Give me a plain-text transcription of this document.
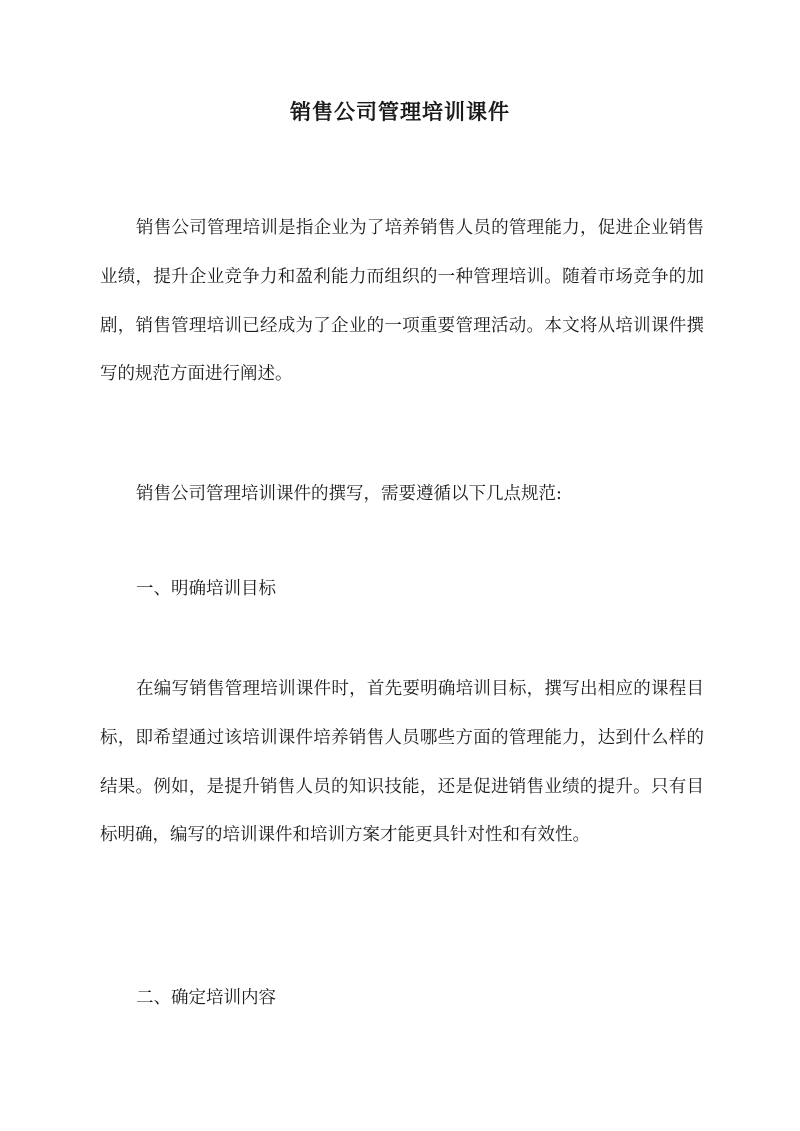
销售公司管理培训课件

销售公司管理培训是指企业为了培养销售人员的管理能力，促进企业销售业绩，提升企业竞争力和盈利能力而组织的一种管理培训。随着市场竞争的加剧，销售管理培训已经成为了企业的一项重要管理活动。本文将从培训课件撰写的规范方面进行阐述。

销售公司管理培训课件的撰写，需要遵循以下几点规范:

一、明确培训目标

在编写销售管理培训课件时，首先要明确培训目标，撰写出相应的课程目标，即希望通过该培训课件培养销售人员哪些方面的管理能力，达到什么样的结果。例如，是提升销售人员的知识技能，还是促进销售业绩的提升。只有目标明确，编写的培训课件和培训方案才能更具针对性和有效性。

二、确定培训内容
